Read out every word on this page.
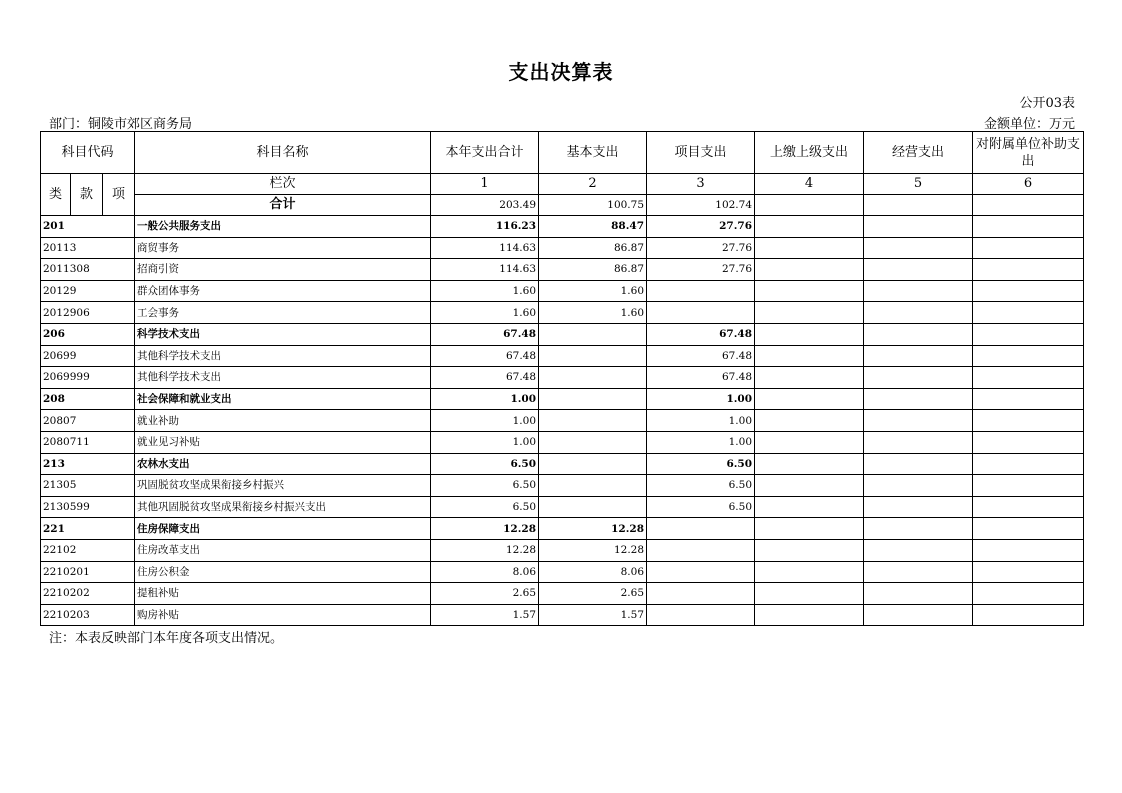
支出决算表
公开03表
部门：铜陵市郊区商务局	金额单位：万元
科目代码			科目名称	本年支出合计	基本支出	项目支出	上缴上级支出	经营支出	对附属单位补助支出
类	款	项	栏次	1	2	3	4	5	6
			合计	203.49	100.75	102.74			
201			一般公共服务支出	116.23	88.47	27.76			
20113			商贸事务	114.63	86.87	27.76			
2011308			招商引资	114.63	86.87	27.76			
20129			群众团体事务	1.60	1.60				
2012906			工会事务	1.60	1.60				
206			科学技术支出	67.48		67.48			
20699			其他科学技术支出	67.48		67.48			
2069999			其他科学技术支出	67.48		67.48			
208			社会保障和就业支出	1.00		1.00			
20807			就业补助	1.00		1.00			
2080711			就业见习补贴	1.00		1.00			
213			农林水支出	6.50		6.50			
21305			巩固脱贫攻坚成果衔接乡村振兴	6.50		6.50			
2130599			其他巩固脱贫攻坚成果衔接乡村振兴支出	6.50		6.50			
221			住房保障支出	12.28	12.28				
22102			住房改革支出	12.28	12.28				
2210201			住房公积金	8.06	8.06				
2210202			提租补贴	2.65	2.65				
2210203			购房补贴	1.57	1.57				
注：本表反映部门本年度各项支出情况。
